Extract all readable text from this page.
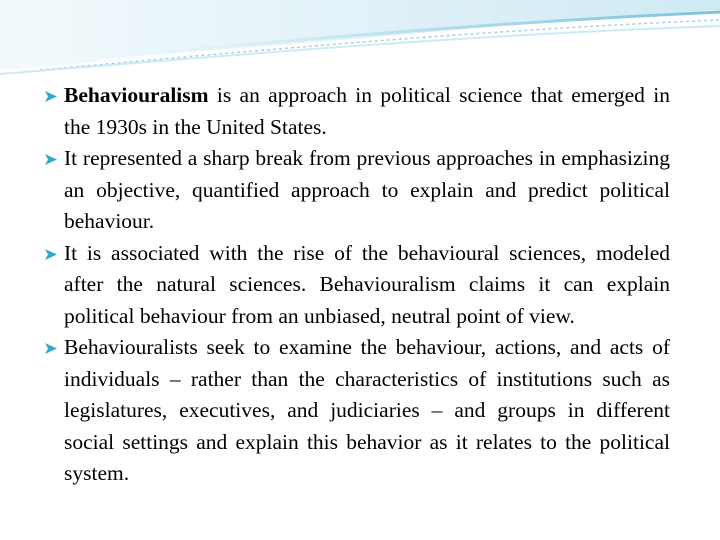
Behaviouralism is an approach in political science that emerged in the 1930s in the United States.
It represented a sharp break from previous approaches in emphasizing an objective, quantified approach to explain and predict political behaviour.
It is associated with the rise of the behavioural sciences, modeled after the natural sciences. Behaviouralism claims it can explain political behaviour from an unbiased, neutral point of view.
Behaviouralists seek to examine the behaviour, actions, and acts of individuals – rather than the characteristics of institutions such as legislatures, executives, and judiciaries – and groups in different social settings and explain this behavior as it relates to the political system.
